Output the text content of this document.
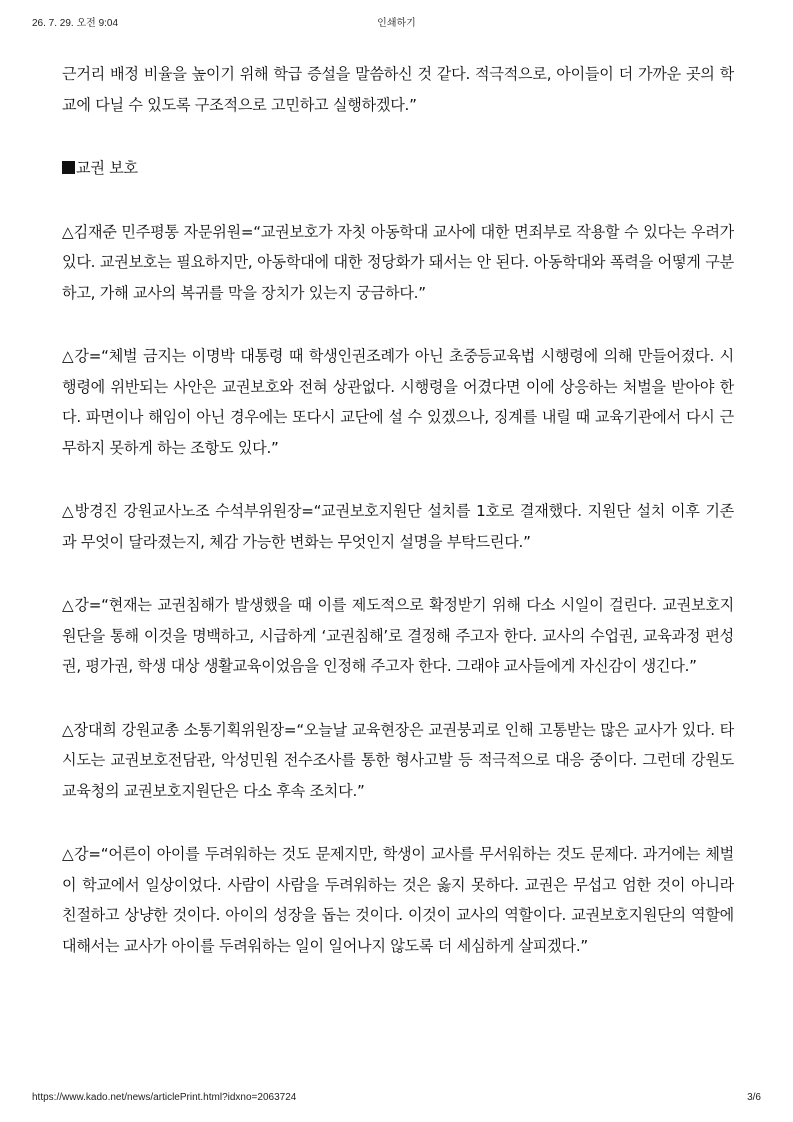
26. 7. 29. 오전 9:04	인쇄하기

근거리 배정 비율을 높이기 위해 학급 증설을 말씀하신 것 같다. 적극적으로, 아이들이 더 가까운 곳의 학교에 다닐 수 있도록 구조적으로 고민하고 실행하겠다.”

교권 보호

△김재준 민주평통 자문위원=“교권보호가 자칫 아동학대 교사에 대한 면죄부로 작용할 수 있다는 우려가 있다. 교권보호는 필요하지만, 아동학대에 대한 정당화가 돼서는 안 된다. 아동학대와 폭력을 어떻게 구분하고, 가해 교사의 복귀를 막을 장치가 있는지 궁금하다.”

△강=“체벌 금지는 이명박 대통령 때 학생인권조례가 아닌 초중등교육법 시행령에 의해 만들어졌다. 시행령에 위반되는 사안은 교권보호와 전혀 상관없다. 시행령을 어겼다면 이에 상응하는 처벌을 받아야 한다. 파면이나 해임이 아닌 경우에는 또다시 교단에 설 수 있겠으나, 징계를 내릴 때 교육기관에서 다시 근무하지 못하게 하는 조항도 있다.”

△방경진 강원교사노조 수석부위원장=“교권보호지원단 설치를 1호로 결재했다. 지원단 설치 이후 기존과 무엇이 달라졌는지, 체감 가능한 변화는 무엇인지 설명을 부탁드린다.”

△강=“현재는 교권침해가 발생했을 때 이를 제도적으로 확정받기 위해 다소 시일이 걸린다. 교권보호지원단을 통해 이것을 명백하고, 시급하게 ‘교권침해’로 결정해 주고자 한다. 교사의 수업권, 교육과정 편성권, 평가권, 학생 대상 생활교육이었음을 인정해 주고자 한다. 그래야 교사들에게 자신감이 생긴다.”

△장대희 강원교총 소통기획위원장=“오늘날 교육현장은 교권붕괴로 인해 고통받는 많은 교사가 있다. 타 시도는 교권보호전담관, 악성민원 전수조사를 통한 형사고발 등 적극적으로 대응 중이다. 그런데 강원도교육청의 교권보호지원단은 다소 후속 조치다.”

△강=“어른이 아이를 두려워하는 것도 문제지만, 학생이 교사를 무서워하는 것도 문제다. 과거에는 체벌이 학교에서 일상이었다. 사람이 사람을 두려워하는 것은 옳지 못하다. 교권은 무섭고 엄한 것이 아니라 친절하고 상냥한 것이다. 아이의 성장을 돕는 것이다. 이것이 교사의 역할이다. 교권보호지원단의 역할에 대해서는 교사가 아이를 두려워하는 일이 일어나지 않도록 더 세심하게 살피겠다.”

https://www.kado.net/news/articlePrint.html?idxno=2063724	3/6
